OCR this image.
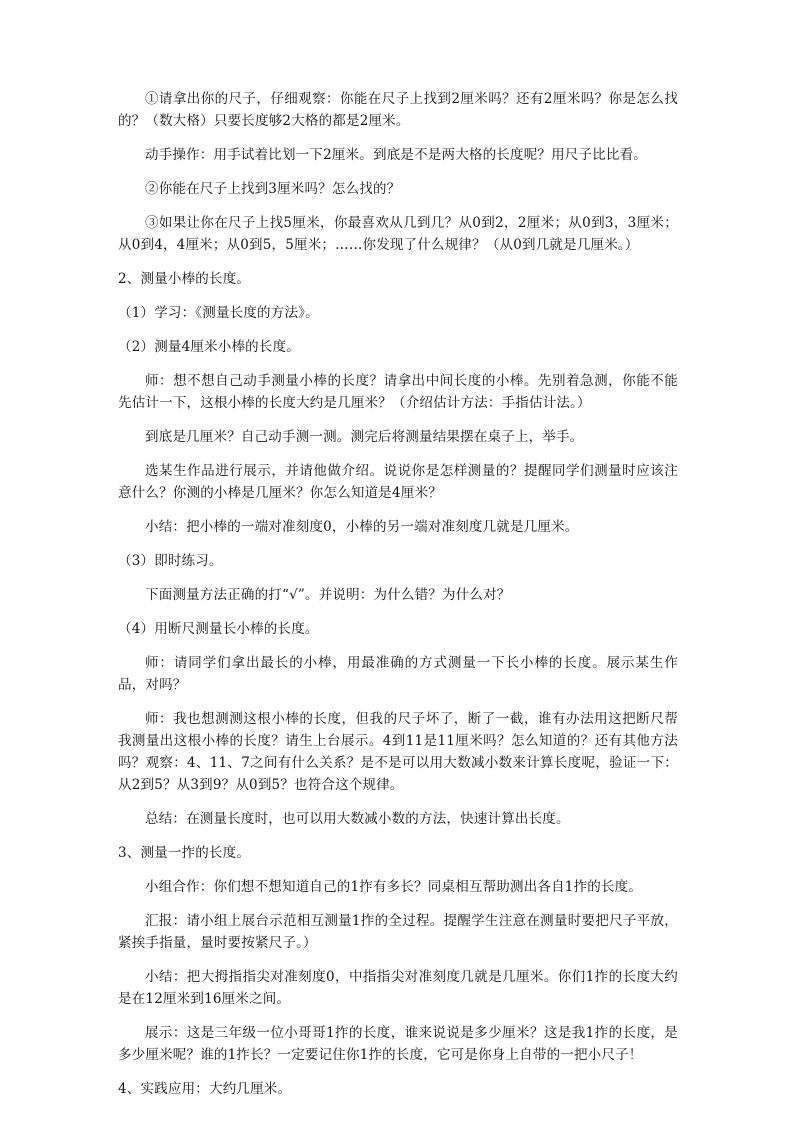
①请拿出你的尺子，仔细观察：你能在尺子上找到2厘米吗？还有2厘米吗？你是怎么找的？（数大格）只要长度够2大格的都是2厘米。

动手操作：用手试着比划一下2厘米。到底是不是两大格的长度呢？用尺子比比看。

②你能在尺子上找到3厘米吗？怎么找的？

③如果让你在尺子上找5厘米，你最喜欢从几到几？从0到2，2厘米；从0到3，3厘米；从0到4，4厘米；从0到5，5厘米；……你发现了什么规律？（从0到几就是几厘米。）

2、测量小棒的长度。

（1）学习：《测量长度的方法》。

（2）测量4厘米小棒的长度。

师：想不想自己动手测量小棒的长度？请拿出中间长度的小棒。先别着急测，你能不能先估计一下，这根小棒的长度大约是几厘米？（介绍估计方法：手指估计法。）

到底是几厘米？自己动手测一测。测完后将测量结果摆在桌子上，举手。

选某生作品进行展示，并请他做介绍。说说你是怎样测量的？提醒同学们测量时应该注意什么？你测的小棒是几厘米？你怎么知道是4厘米？

小结：把小棒的一端对准刻度0，小棒的另一端对准刻度几就是几厘米。

（3）即时练习。

下面测量方法正确的打“√”。并说明：为什么错？为什么对？

（4）用断尺测量长小棒的长度。

师：请同学们拿出最长的小棒，用最准确的方式测量一下长小棒的长度。展示某生作品，对吗？

师：我也想测测这根小棒的长度，但我的尺子坏了，断了一截，谁有办法用这把断尺帮我测量出这根小棒的长度？请生上台展示。4到11是11厘米吗？怎么知道的？还有其他方法吗？观察：4、11、7之间有什么关系？是不是可以用大数减小数来计算长度呢，验证一下：从2到5？从3到9？从0到5？也符合这个规律。

总结：在测量长度时，也可以用大数减小数的方法，快速计算出长度。

3、测量一拃的长度。

小组合作：你们想不想知道自己的1拃有多长？同桌相互帮助测出各自1拃的长度。

汇报：请小组上展台示范相互测量1拃的全过程。提醒学生注意在测量时要把尺子平放，紧挨手指量，量时要按紧尺子。）

小结：把大拇指指尖对准刻度0，中指指尖对准刻度几就是几厘米。你们1拃的长度大约是在12厘米到16厘米之间。

展示：这是三年级一位小哥哥1拃的长度，谁来说说是多少厘米？这是我1拃的长度，是多少厘米呢？谁的1拃长？一定要记住你1拃的长度，它可是你身上自带的一把小尺子！

4、实践应用：大约几厘米。
